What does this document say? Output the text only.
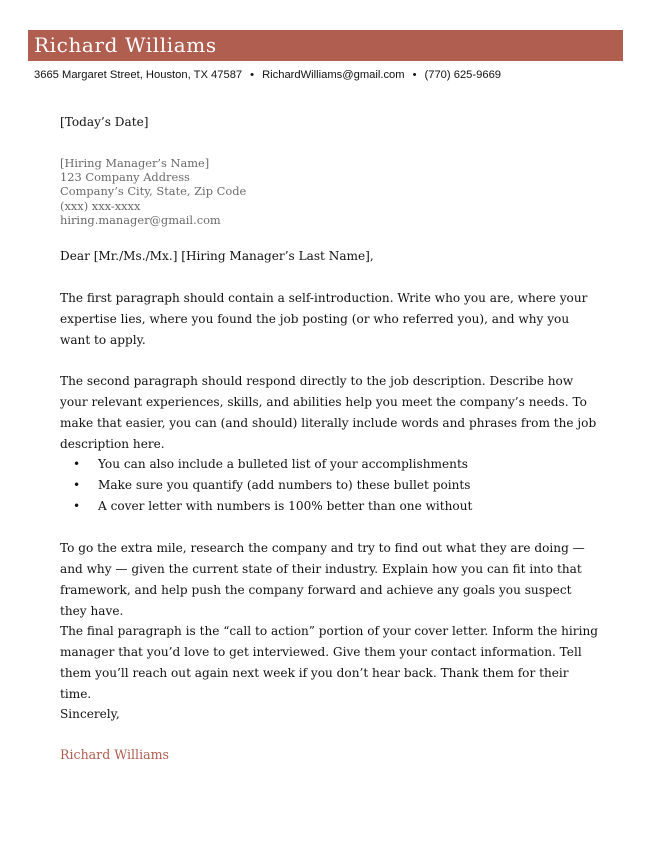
Richard Williams
3665 Margaret Street, Houston, TX 47587 • RichardWilliams@gmail.com • (770) 625-9669
[Today’s Date]
[Hiring Manager’s Name]
123 Company Address
Company’s City, State, Zip Code
(xxx) xxx-xxxx
hiring.manager@gmail.com
Dear [Mr./Ms./Mx.] [Hiring Manager’s Last Name],
The first paragraph should contain a self-introduction. Write who you are, where your expertise lies, where you found the job posting (or who referred you), and why you want to apply.
The second paragraph should respond directly to the job description. Describe how your relevant experiences, skills, and abilities help you meet the company’s needs. To make that easier, you can (and should) literally include words and phrases from the job description here.
• You can also include a bulleted list of your accomplishments
• Make sure you quantify (add numbers to) these bullet points
• A cover letter with numbers is 100% better than one without
To go the extra mile, research the company and try to find out what they are doing — and why — given the current state of their industry. Explain how you can fit into that framework, and help push the company forward and achieve any goals you suspect they have.
The final paragraph is the “call to action” portion of your cover letter. Inform the hiring manager that you’d love to get interviewed. Give them your contact information. Tell them you’ll reach out again next week if you don’t hear back. Thank them for their time.
Sincerely,
Richard Williams
